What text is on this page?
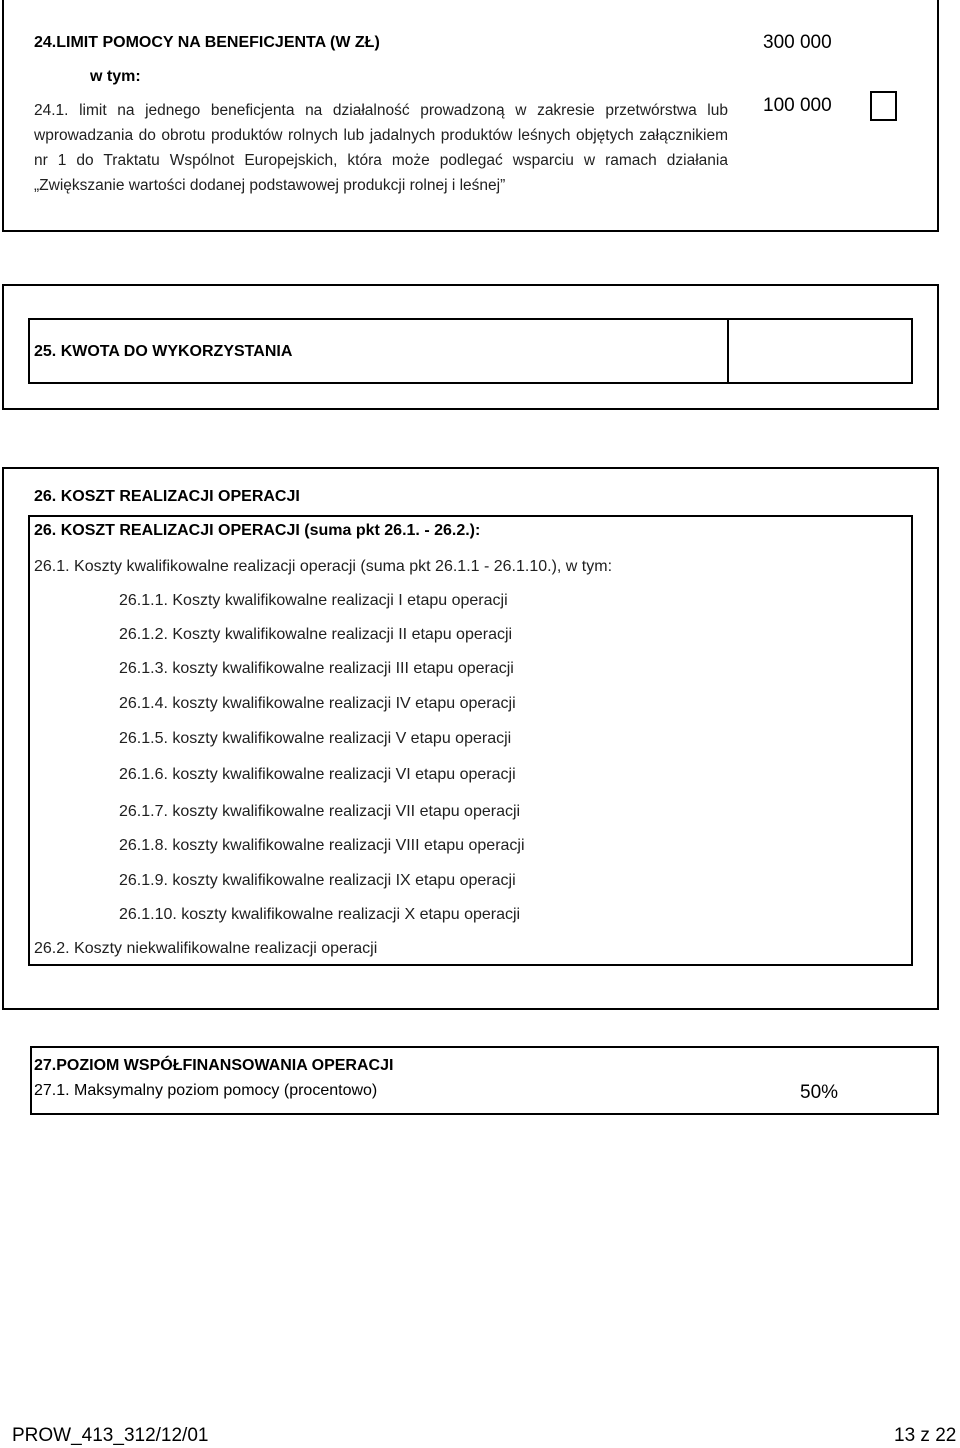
24.LIMIT POMOCY NA BENEFICJENTA (W ZŁ)
w tym:
24.1. limit na jednego beneficjenta na działalność prowadzoną w zakresie przetwórstwa lub wprowadzania do obrotu produktów rolnych lub jadalnych produktów leśnych objętych załącznikiem nr 1 do Traktatu Wspólnot Europejskich, która może podlegać wsparciu w ramach działania „Zwiększanie wartości dodanej podstawowej produkcji rolnej i leśnej”
300 000
100 000
25. KWOTA DO WYKORZYSTANIA
26. KOSZT REALIZACJI OPERACJI
26. KOSZT REALIZACJI OPERACJI (suma pkt 26.1. - 26.2.):
26.1. Koszty kwalifikowalne realizacji operacji (suma pkt 26.1.1 - 26.1.10.), w tym:
26.1.1. Koszty kwalifikowalne realizacji I etapu operacji
26.1.2. Koszty kwalifikowalne realizacji II etapu operacji
26.1.3. koszty kwalifikowalne realizacji III etapu operacji
26.1.4. koszty kwalifikowalne realizacji IV etapu operacji
26.1.5. koszty kwalifikowalne realizacji V etapu operacji
26.1.6. koszty kwalifikowalne realizacji VI etapu operacji
26.1.7. koszty kwalifikowalne realizacji VII etapu operacji
26.1.8. koszty kwalifikowalne realizacji VIII etapu operacji
26.1.9. koszty kwalifikowalne realizacji IX etapu operacji
26.1.10. koszty kwalifikowalne realizacji X etapu operacji
26.2. Koszty niekwalifikowalne realizacji operacji
27.POZIOM WSPÓŁFINANSOWANIA OPERACJI
27.1. Maksymalny poziom pomocy (procentowo)	50%
PROW_413_312/12/01	13 z 22
